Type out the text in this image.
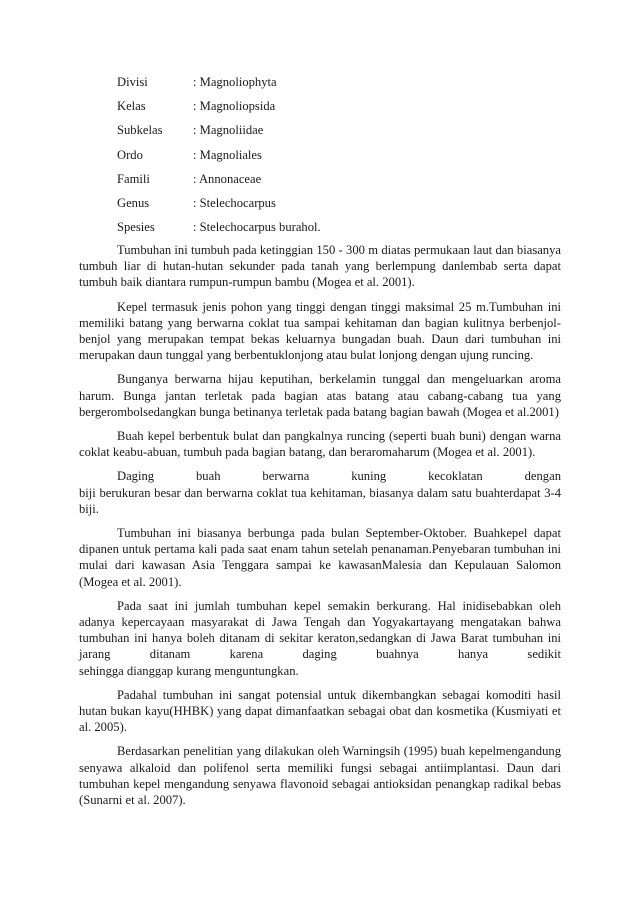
Divisi	: Magnoliophyta
Kelas	: Magnoliopsida
Subkelas	: Magnoliidae
Ordo	: Magnoliales
Famili	: Annonaceae
Genus	: Stelechocarpus
Spesies	: Stelechocarpus burahol.

Tumbuhan ini tumbuh pada ketinggian 150 - 300 m diatas permukaan laut dan biasanya tumbuh liar di hutan-hutan sekunder pada tanah yang berlempung danlembab serta dapat tumbuh baik diantara rumpun-rumpun bambu (Mogea et al. 2001).

Kepel termasuk jenis pohon yang tinggi dengan tinggi maksimal 25 m.Tumbuhan ini memiliki batang yang berwarna coklat tua sampai kehitaman dan bagian kulitnya berbenjol-benjol yang merupakan tempat bekas keluarnya bungadan buah. Daun dari tumbuhan ini merupakan daun tunggal yang berbentuklonjong atau bulat lonjong dengan ujung runcing.

Bunganya berwarna hijau keputihan, berkelamin tunggal dan mengeluarkan aroma harum. Bunga jantan terletak pada bagian atas batang atau cabang-cabang tua yang bergerombolsedangkan bunga betinanya terletak pada batang bagian bawah (Mogea et al.2001)

Buah kepel berbentuk bulat dan pangkalnya runcing (seperti buah buni) dengan warna coklat keabu-abuan, tumbuh pada bagian batang, dan beraromaharum (Mogea et al. 2001).

Daging buah berwarna kuning kecoklatan dengan

biji berukuran besar dan berwarna coklat tua kehitaman, biasanya dalam satu buahterdapat 3-4 biji.

Tumbuhan ini biasanya berbunga pada bulan September-Oktober. Buahkepel dapat dipanen untuk pertama kali pada saat enam tahun setelah penanaman.Penyebaran tumbuhan ini mulai dari kawasan Asia Tenggara sampai ke kawasanMalesia dan Kepulauan Salomon (Mogea et al. 2001).

Pada saat ini jumlah tumbuhan kepel semakin berkurang. Hal inidisebabkan oleh adanya kepercayaan masyarakat di Jawa Tengah dan Yogyakartayang mengatakan bahwa tumbuhan ini hanya boleh ditanam di sekitar keraton,sedangkan di Jawa Barat tumbuhan ini jarang ditanam karena daging buahnya hanya sedikit

sehingga dianggap kurang menguntungkan.

Padahal tumbuhan ini sangat potensial untuk dikembangkan sebagai komoditi hasil hutan bukan kayu(HHBK) yang dapat dimanfaatkan sebagai obat dan kosmetika (Kusmiyati et al. 2005).

Berdasarkan penelitian yang dilakukan oleh Warningsih (1995) buah kepelmengandung senyawa alkaloid dan polifenol serta memiliki fungsi sebagai antiimplantasi. Daun dari tumbuhan kepel mengandung senyawa flavonoid sebagai antioksidan penangkap radikal bebas (Sunarni et al. 2007).
